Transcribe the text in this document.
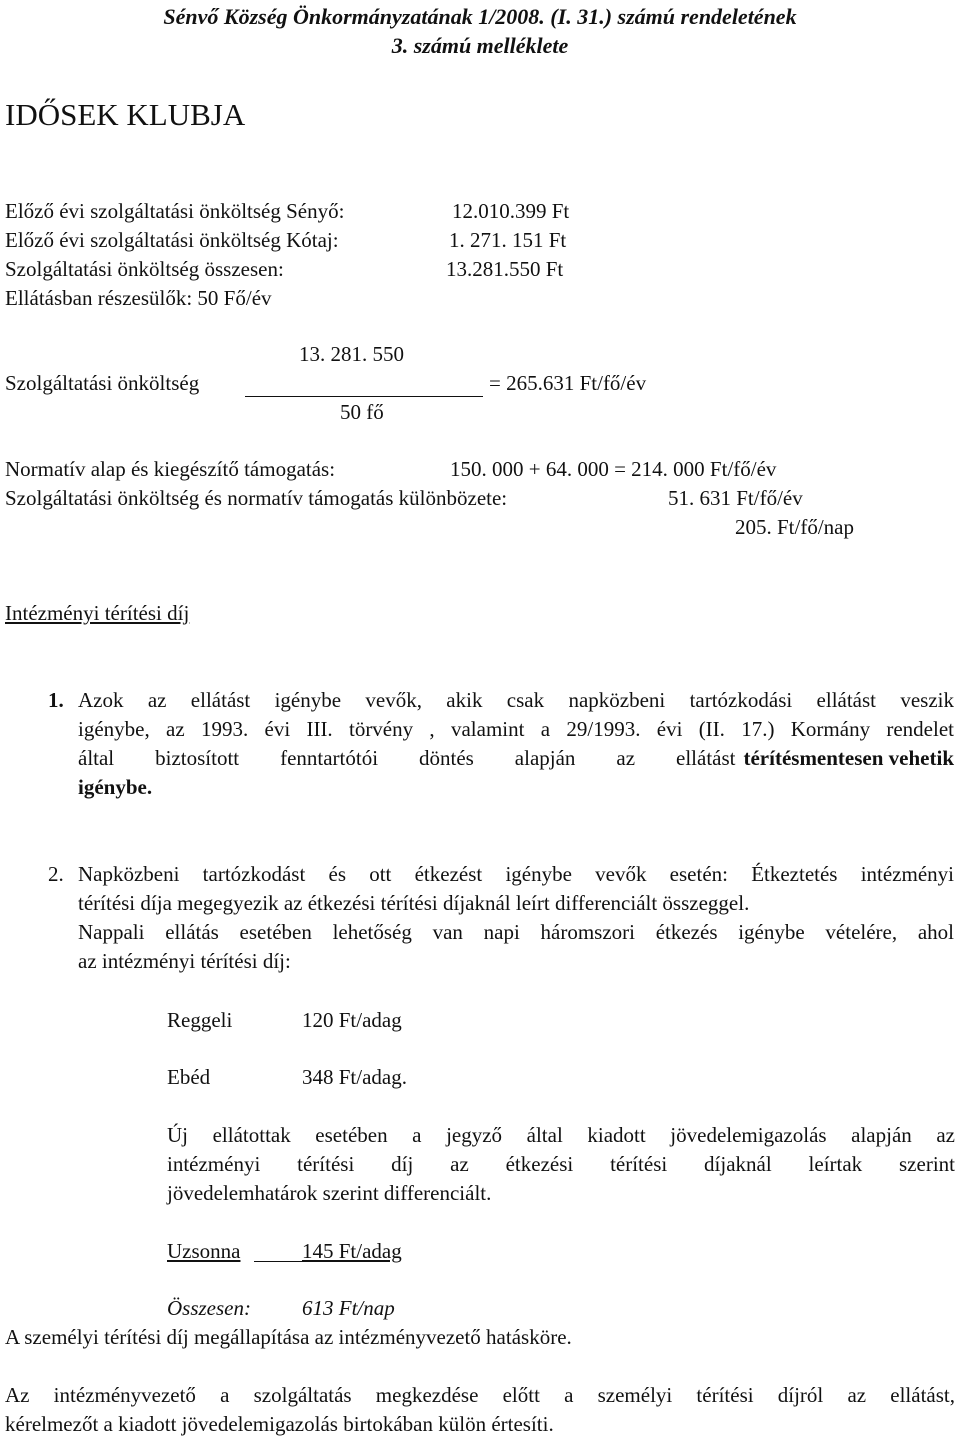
Sénvő Község Önkormányzatának 1/2008. (I. 31.) számú rendeletének
3. számú melléklete
IDŐSEK KLUBJA
Előző évi szolgáltatási önköltség Sényő:	12.010.399 Ft
Előző évi szolgáltatási önköltség Kótaj:	1. 271. 151 Ft
Szolgáltatási önköltség összesen:	13.281.550 Ft
Ellátásban részesülők: 50 Fő/év
13. 281. 550
Szolgáltatási önköltség	= 265.631 Ft/fő/év
50 fő
Normatív alap és kiegészítő támogatás:	150. 000 + 64. 000 = 214. 000 Ft/fő/év
Szolgáltatási önköltség és normatív támogatás különbözete:	51. 631 Ft/fő/év
205. Ft/fő/nap
Intézményi térítési díj
1. Azok az ellátást igénybe vevők, akik csak napközbeni tartózkodási ellátást veszik
igénybe, az 1993. évi III. törvény , valamint a 29/1993. évi (II. 17.) Kormány rendelet
által biztosított fenntartótói döntés alapján az ellátást térítésmentesen vehetik
igénybe.
2. Napközbeni tartózkodást és ott étkezést igénybe vevők esetén: Étkeztetés intézményi
térítési díja megegyezik az étkezési térítési díjaknál leírt differenciált összeggel.
Nappali ellátás esetében lehetőség van napi háromszori étkezés igénybe vételére, ahol
az intézményi térítési díj:
Reggeli	120 Ft/adag
Ebéd	348 Ft/adag.
Új ellátottak esetében a jegyző által kiadott jövedelemigazolás alapján az
intézményi térítési díj az étkezési térítési díjaknál leírtak szerint
jövedelemhatárok szerint differenciált.
Uzsonna	145 Ft/adag
Összesen: 613 Ft/nap
A személyi térítési díj megállapítása az intézményvezető hatásköre.
Az intézményvezető a szolgáltatás megkezdése előtt a személyi térítési díjról az ellátást,
kérelmezőt a kiadott jövedelemigazolás birtokában külön értesíti.
